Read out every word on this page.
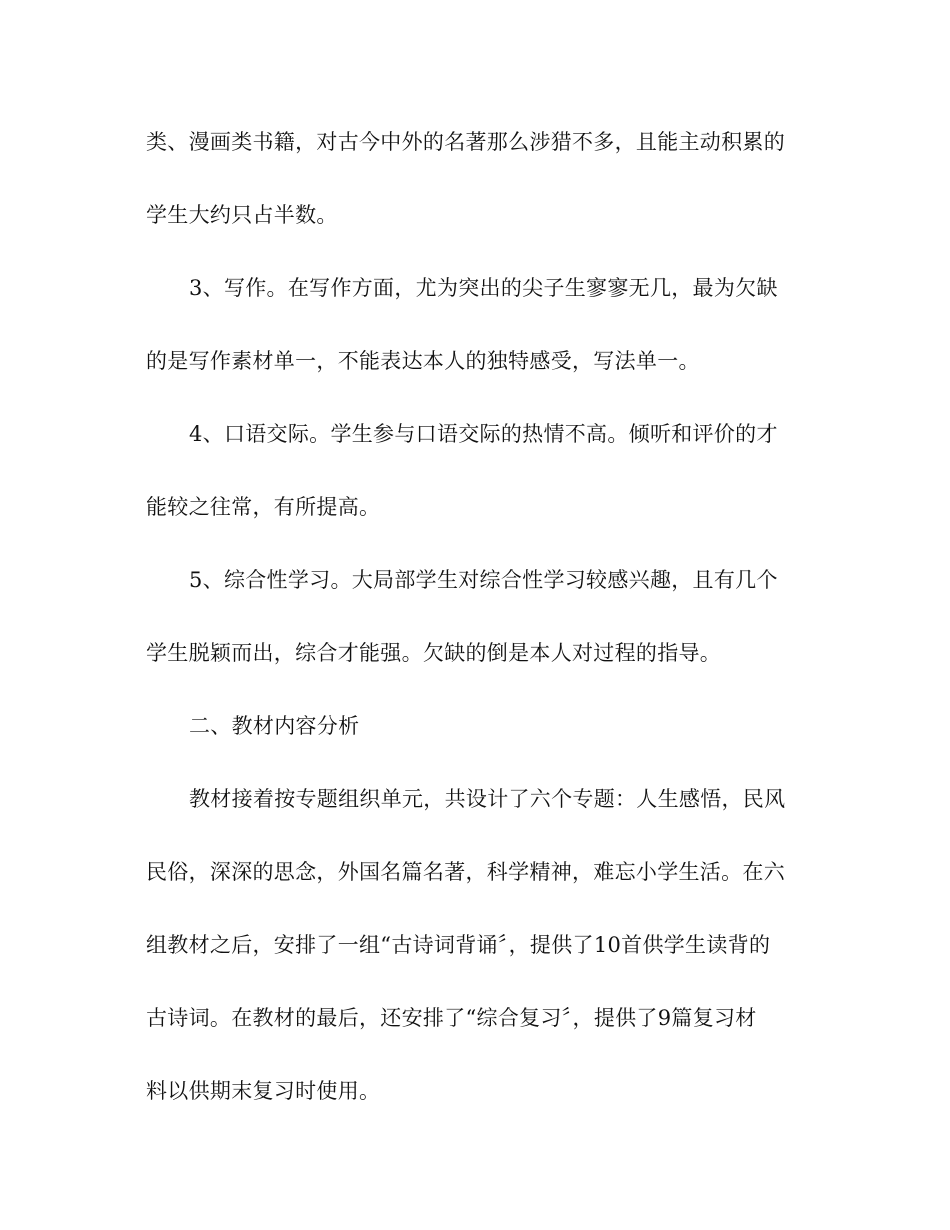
类、漫画类书籍，对古今中外的名著那么涉猎不多，且能主动积累的
学生大约只占半数。
3、写作。在写作方面，尤为突出的尖子生寥寥无几，最为欠缺
的是写作素材单一，不能表达本人的独特感受，写法单一。
4、口语交际。学生参与口语交际的热情不高。倾听和评价的才
能较之往常，有所提高。
5、综合性学习。大局部学生对综合性学习较感兴趣，且有几个
学生脱颖而出，综合才能强。欠缺的倒是本人对过程的指导。
二、教材内容分析
教材接着按专题组织单元，共设计了六个专题：人生感悟，民风
民俗，深深的思念，外国名篇名著，科学精神，难忘小学生活。在六
组教材之后，安排了一组“古诗词背诵〞，提供了10首供学生读背的
古诗词。在教材的最后，还安排了“综合复习〞，提供了9篇复习材
料以供期末复习时使用。
